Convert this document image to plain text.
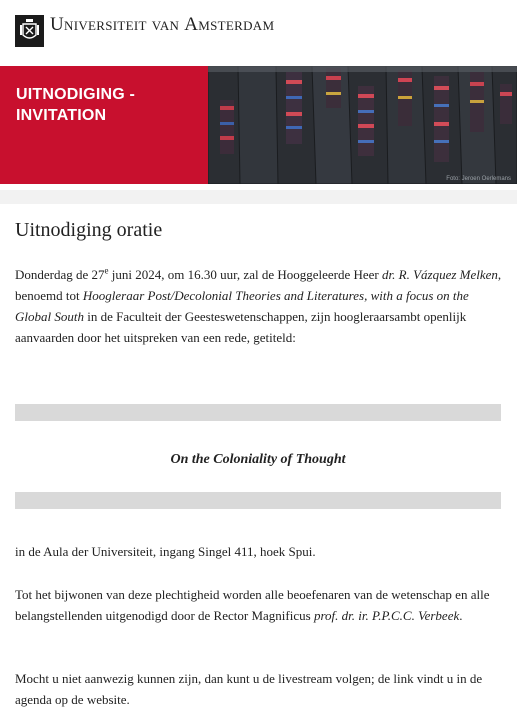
Universiteit van Amsterdam
UITNODIGING -
INVITATION
Foto: Jeroen Oerlemans
Uitnodiging oratie
Donderdag de 27e juni 2024, om 16.30 uur, zal de Hooggeleerde Heer dr. R. Vázquez Melken, benoemd tot Hoogleraar Post/Decolonial Theories and Literatures, with a focus on the Global South in de Faculteit der Geesteswetenschappen, zijn hoogleraarsambt openlijk aanvaarden door het uitspreken van een rede, getiteld:
On the Coloniality of Thought
in de Aula der Universiteit, ingang Singel 411, hoek Spui.
Tot het bijwonen van deze plechtigheid worden alle beoefenaren van de wetenschap en alle belangstellenden uitgenodigd door de Rector Magnificus prof. dr. ir. P.P.C.C. Verbeek.
Mocht u niet aanwezig kunnen zijn, dan kunt u de livestream volgen; de link vindt u in de agenda op de website.
